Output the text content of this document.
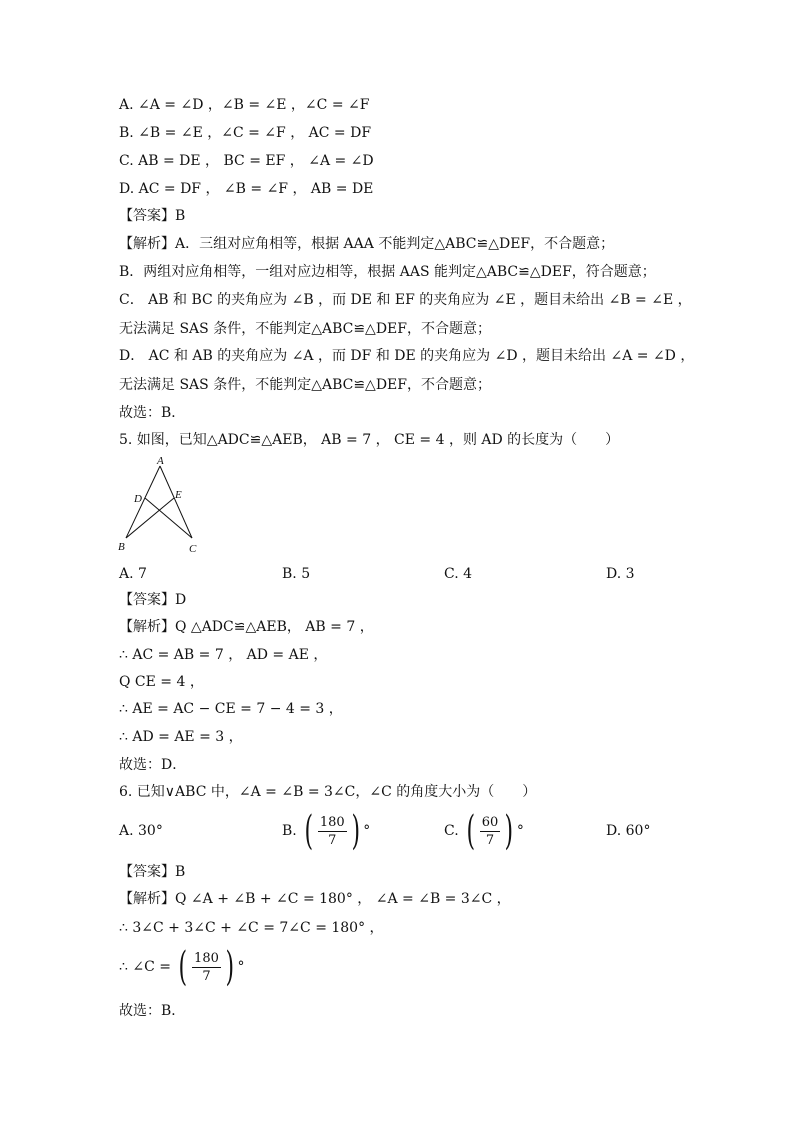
A. ∠A = ∠D ，∠B = ∠E ，∠C = ∠F
B. ∠B = ∠E ，∠C = ∠F ， AC = DF
C. AB = DE ， BC = EF ， ∠A = ∠D
D. AC = DF ， ∠B = ∠F ， AB = DE
【答案】B
【解析】A．三组对应角相等，根据 AAA 不能判定△ABC≌△DEF，不合题意；
B．两组对应角相等，一组对应边相等，根据 AAS 能判定△ABC≌△DEF，符合题意；
C． AB 和 BC 的夹角应为 ∠B ，而 DE 和 EF 的夹角应为 ∠E ，题目未给出 ∠B = ∠E ，
无法满足 SAS 条件，不能判定△ABC≌△DEF，不合题意；
D． AC 和 AB 的夹角应为 ∠A ，而 DF 和 DE 的夹角应为 ∠D ，题目未给出 ∠A = ∠D ，
无法满足 SAS 条件，不能判定△ABC≌△DEF，不合题意；
故选：B．
5. 如图，已知△ADC≌△AEB， AB = 7 ， CE = 4 ，则 AD 的长度为（　　）
A
D	E
B	C
A. 7	B. 5	C. 4	D. 3
【答案】D
【解析】Q △ADC≌△AEB， AB = 7 ，
∴ AC = AB = 7 ， AD = AE ，
Q CE = 4 ，
∴ AE = AC − CE = 7 − 4 = 3 ，
∴ AD = AE = 3 ，
故选：D．
6. 已知∨ABC 中，∠A = ∠B = 3∠C，∠C 的角度大小为（　　）
A. 30°	B. ( $\frac{180}{7}$ ) °	C. ( $\frac{60}{7}$ ) °	D. 60°
【答案】B
【解析】Q ∠A + ∠B + ∠C = 180° ， ∠A = ∠B = 3∠C ，
∴ 3∠C + 3∠C + ∠C = 7∠C = 180° ，
∴ ∠C = ( $\frac{180}{7}$ ) °
故选：B．
